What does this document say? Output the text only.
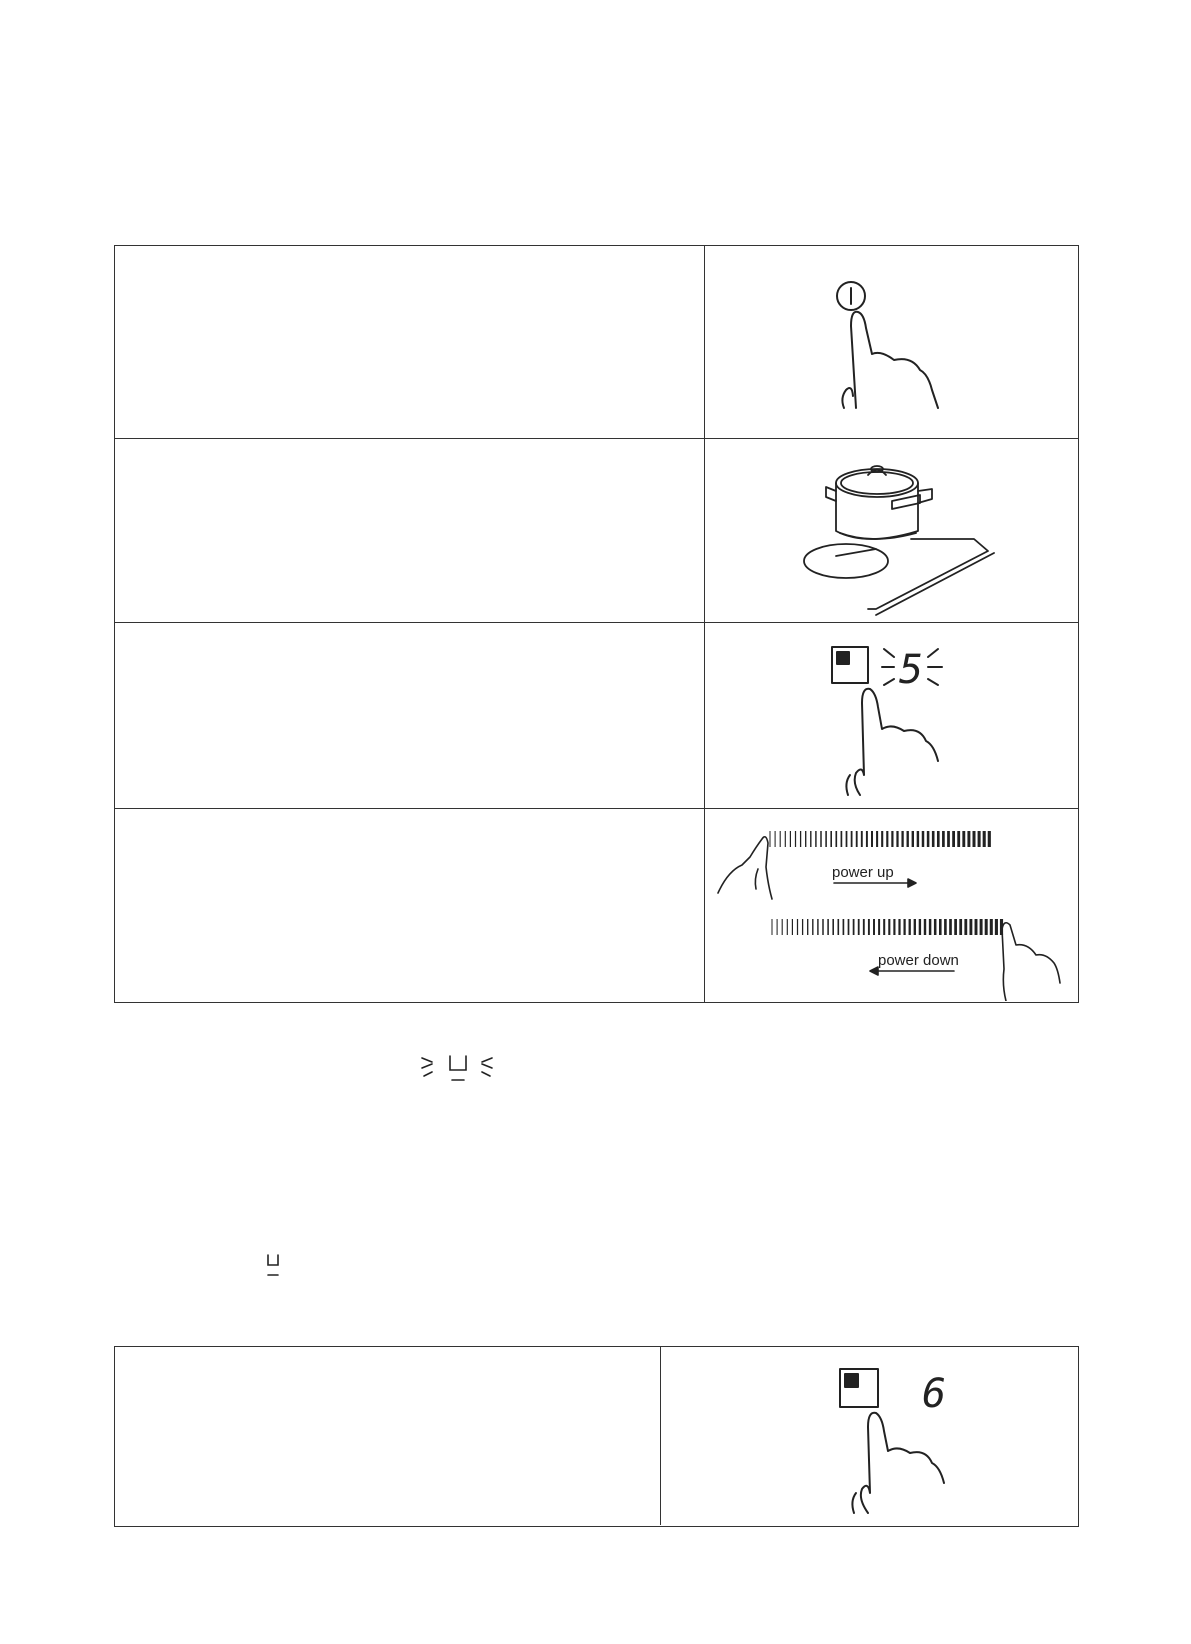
5
power up
power down
6
